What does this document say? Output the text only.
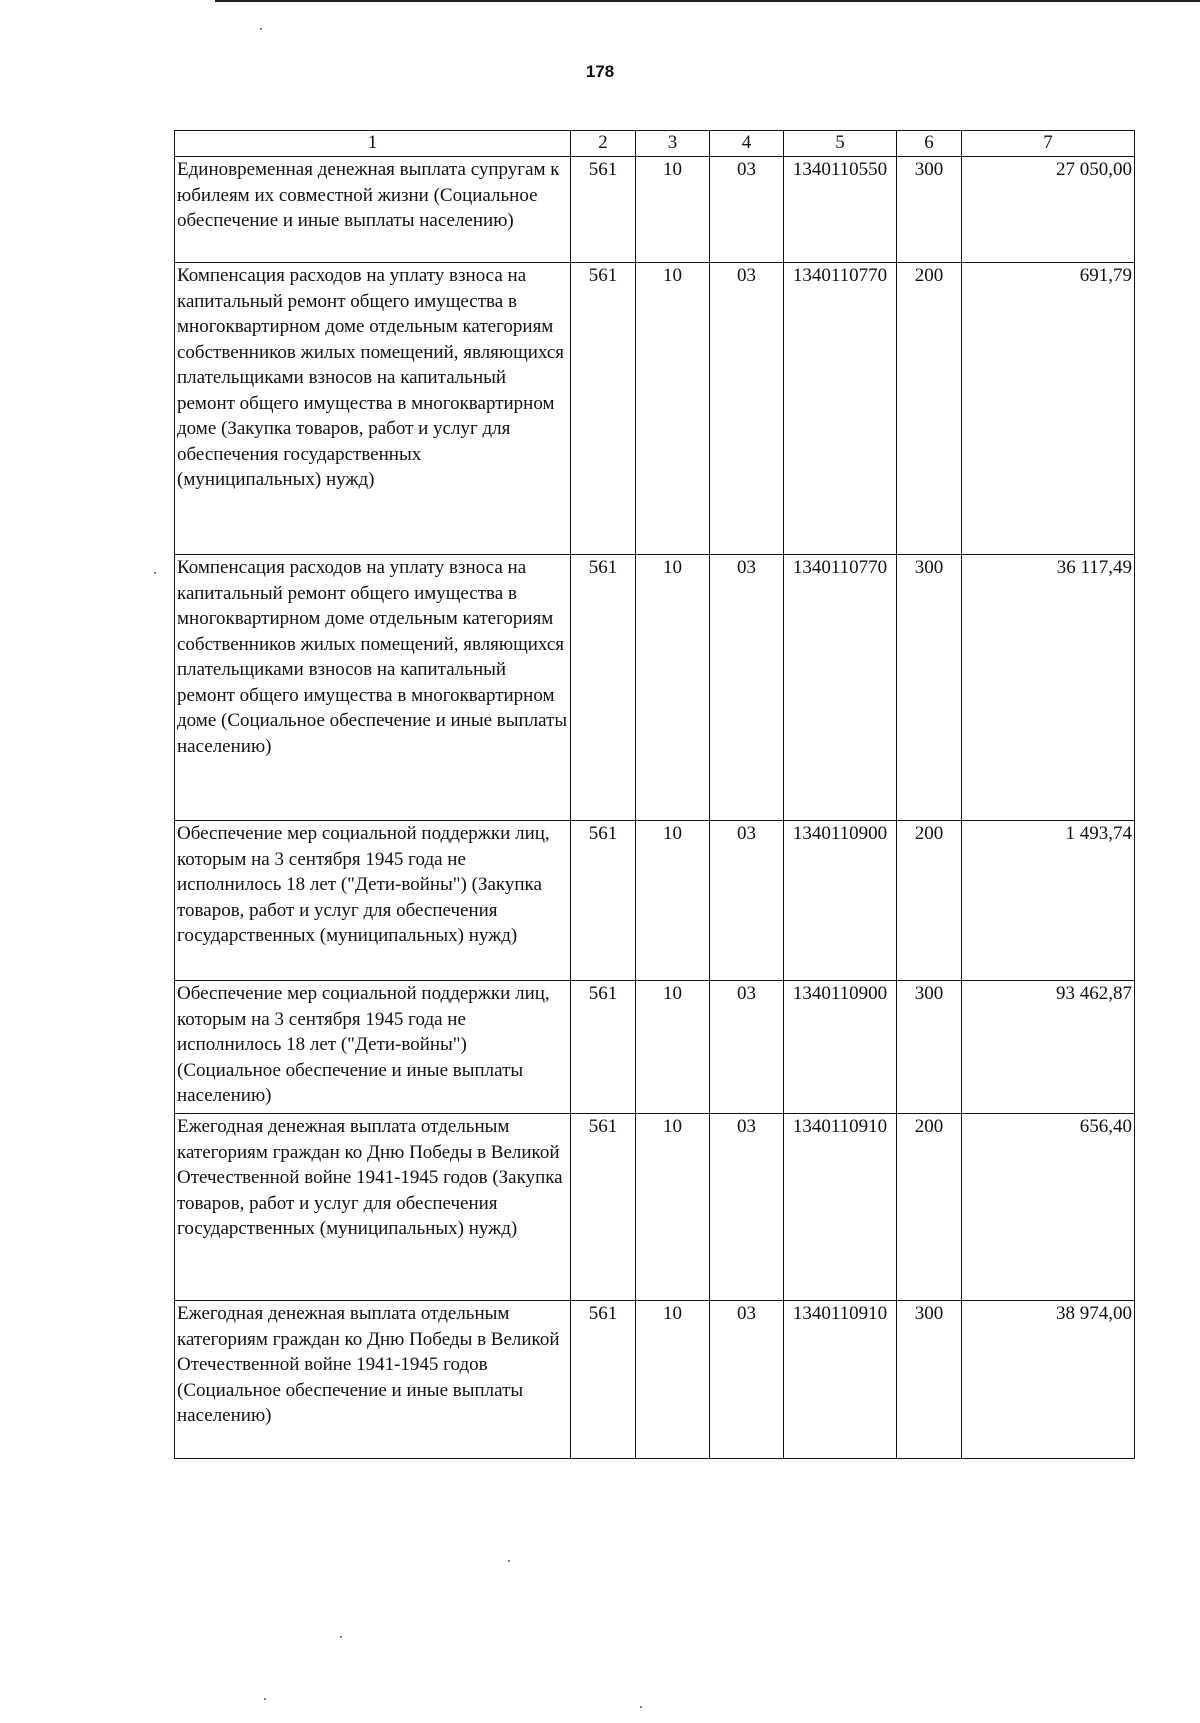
178
1	2	3	4	5	6	7
Единовременная денежная выплата супругам к юбилеям их совместной жизни (Социальное обеспечение и иные выплаты населению)	561	10	03	1340110550	300	27 050,00
Компенсация расходов на уплату взноса на капитальный ремонт общего имущества в многоквартирном доме отдельным категориям собственников жилых помещений, являющихся плательщиками взносов на капитальный ремонт общего имущества в многоквартирном доме (Закупка товаров, работ и услуг для обеспечения государственных (муниципальных) нужд)	561	10	03	1340110770	200	691,79
Компенсация расходов на уплату взноса на капитальный ремонт общего имущества в многоквартирном доме отдельным категориям собственников жилых помещений, являющихся плательщиками взносов на капитальный ремонт общего имущества в многоквартирном доме (Социальное обеспечение и иные выплаты населению)	561	10	03	1340110770	300	36 117,49
Обеспечение мер социальной поддержки лиц, которым на 3 сентября 1945 года не исполнилось 18 лет ("Дети-войны") (Закупка товаров, работ и услуг для обеспечения государственных (муниципальных) нужд)	561	10	03	1340110900	200	1 493,74
Обеспечение мер социальной поддержки лиц, которым на 3 сентября 1945 года не исполнилось 18 лет ("Дети-войны") (Социальное обеспечение и иные выплаты населению)	561	10	03	1340110900	300	93 462,87
Ежегодная денежная выплата отдельным категориям граждан ко Дню Победы в Великой Отечественной войне 1941-1945 годов (Закупка товаров, работ и услуг для обеспечения государственных (муниципальных) нужд)	561	10	03	1340110910	200	656,40
Ежегодная денежная выплата отдельным категориям граждан ко Дню Победы в Великой Отечественной войне 1941-1945 годов (Социальное обеспечение и иные выплаты населению)	561	10	03	1340110910	300	38 974,00
